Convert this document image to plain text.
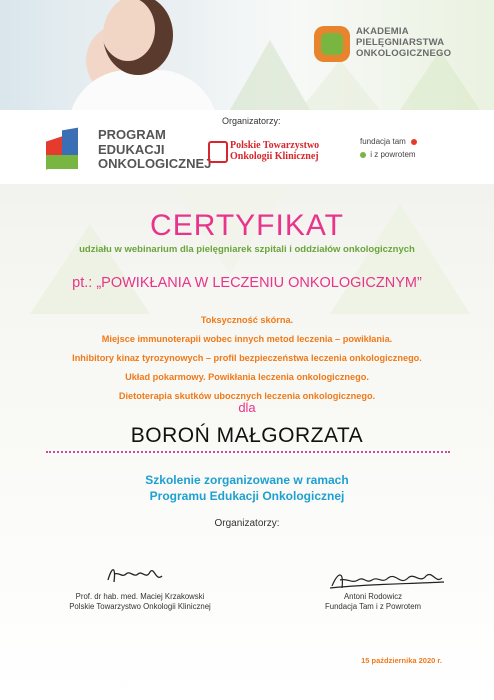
AKADEMIA
PIELĘGNIARSTWA
ONKOLOGICZNEGO
PROGRAM
EDUKACJI
ONKOLOGICZNEJ
Organizatorzy:
Polskie Towarzystwo
Onkologii Klinicznej
fundacja tam
i z powrotem
CERTYFIKAT
udziału w webinarium dla pielęgniarek szpitali i oddziałów onkologicznych
pt.: „POWIKŁANIA W LECZENIU ONKOLOGICZNYM”
Toksyczność skórna.
Miejsce immunoterapii wobec innych metod leczenia – powikłania.
Inhibitory kinaz tyrozynowych – profil bezpieczeństwa leczenia onkologicznego.
Układ pokarmowy. Powikłania leczenia onkologicznego.
Dietoterapia skutków ubocznych leczenia onkologicznego.
dla
BOROŃ MAŁGORZATA
Szkolenie zorganizowane w ramach
Programu Edukacji Onkologicznej
Organizatorzy:
Prof. dr hab. med. Maciej Krzakowski
Polskie Towarzystwo Onkologii Klinicznej
Antoni Rodowicz
Fundacja Tam i z Powrotem
15 października 2020 r.
